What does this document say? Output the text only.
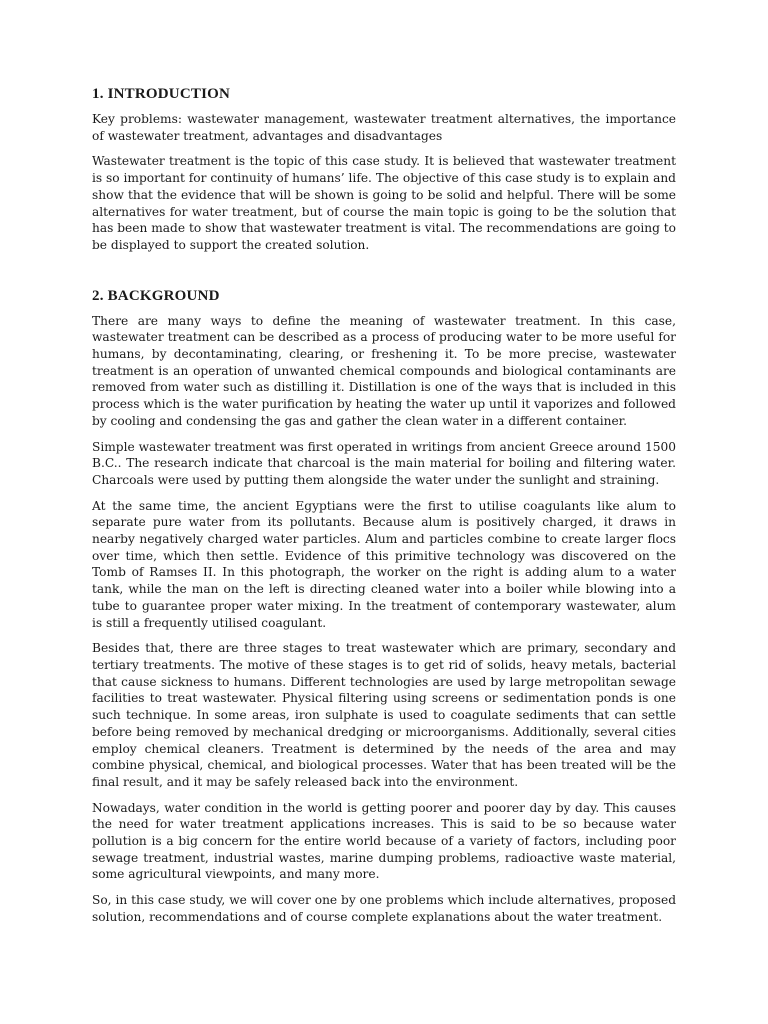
1. INTRODUCTION

Key problems: wastewater management, wastewater treatment alternatives, the importance of wastewater treatment, advantages and disadvantages

Wastewater treatment is the topic of this case study. It is believed that wastewater treatment is so important for continuity of humans’ life. The objective of this case study is to explain and show that the evidence that will be shown is going to be solid and helpful. There will be some alternatives for water treatment, but of course the main topic is going to be the solution that has been made to show that wastewater treatment is vital. The recommendations are going to be displayed to support the created solution.

2. BACKGROUND

There are many ways to define the meaning of wastewater treatment. In this case, wastewater treatment can be described as a process of producing water to be more useful for humans, by decontaminating, clearing, or freshening it. To be more precise, wastewater treatment is an operation of unwanted chemical compounds and biological contaminants are removed from water such as distilling it. Distillation is one of the ways that is included in this process which is the water purification by heating the water up until it vaporizes and followed by cooling and condensing the gas and gather the clean water in a different container.

Simple wastewater treatment was first operated in writings from ancient Greece around 1500 B.C.. The research indicate that charcoal is the main material for boiling and filtering water. Charcoals were used by putting them alongside the water under the sunlight and straining.

At the same time, the ancient Egyptians were the first to utilise coagulants like alum to separate pure water from its pollutants. Because alum is positively charged, it draws in nearby negatively charged water particles. Alum and particles combine to create larger flocs over time, which then settle. Evidence of this primitive technology was discovered on the Tomb of Ramses II. In this photograph, the worker on the right is adding alum to a water tank, while the man on the left is directing cleaned water into a boiler while blowing into a tube to guarantee proper water mixing. In the treatment of contemporary wastewater, alum is still a frequently utilised coagulant.

Besides that, there are three stages to treat wastewater which are primary, secondary and tertiary treatments. The motive of these stages is to get rid of solids, heavy metals, bacterial that cause sickness to humans. Different technologies are used by large metropolitan sewage facilities to treat wastewater. Physical filtering using screens or sedimentation ponds is one such technique. In some areas, iron sulphate is used to coagulate sediments that can settle before being removed by mechanical dredging or microorganisms. Additionally, several cities employ chemical cleaners. Treatment is determined by the needs of the area and may combine physical, chemical, and biological processes. Water that has been treated will be the final result, and it may be safely released back into the environment.

Nowadays, water condition in the world is getting poorer and poorer day by day. This causes the need for water treatment applications increases. This is said to be so because water pollution is a big concern for the entire world because of a variety of factors, including poor sewage treatment, industrial wastes, marine dumping problems, radioactive waste material, some agricultural viewpoints, and many more.

So, in this case study, we will cover one by one problems which include alternatives, proposed solution, recommendations and of course complete explanations about the water treatment.
